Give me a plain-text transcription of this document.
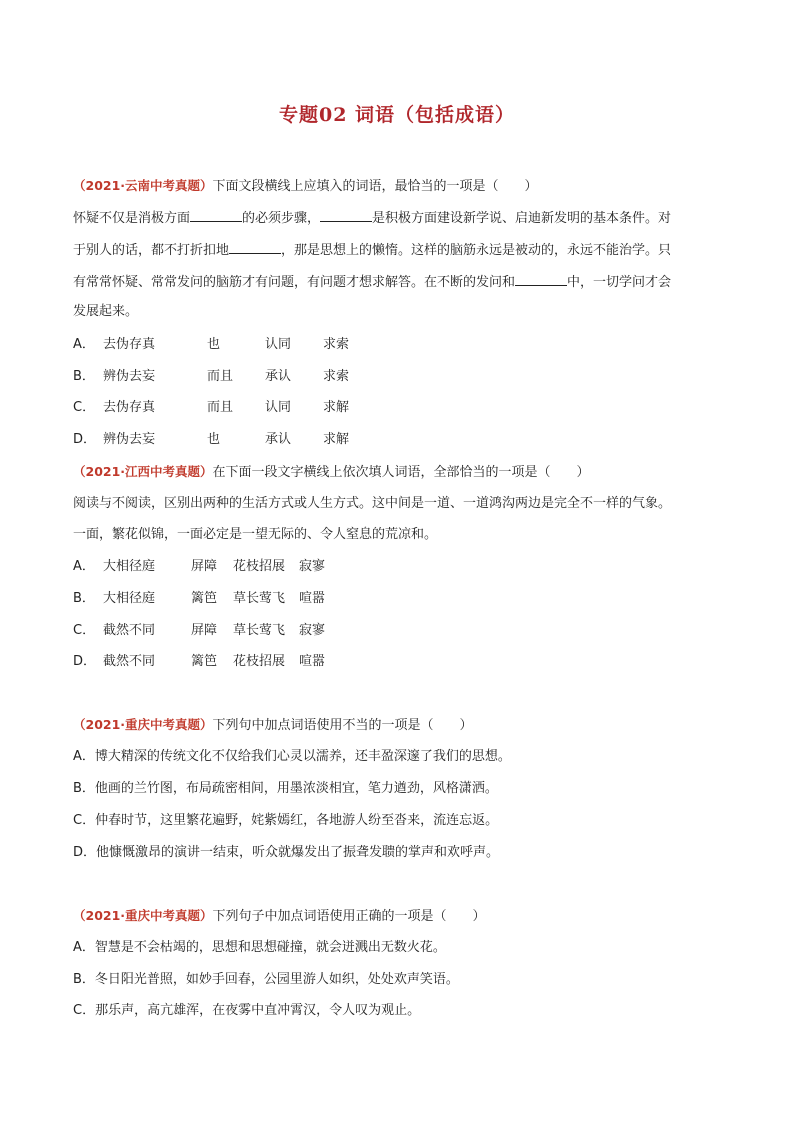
专题02 词语（包括成语）
（2021·云南中考真题）下面文段横线上应填入的词语，最恰当的一项是（　　）
怀疑不仅是消极方面	的必须步骤，	是积极方面建设新学说、启迪新发明的基本条件。对
于别人的话，都不打折扣地	，那是思想上的懒惰。这样的脑筋永远是被动的，永远不能治学。只
有常常怀疑、常常发问的脑筋才有问题，有问题才想求解答。在不断的发问和	中，一切学问才会
发展起来。
A． 去伪存真	也	认同 求索
B． 辨伪去妄	而且 承认 求索
C． 去伪存真	而且 认同 求解
D． 辨伪去妄	也	承认 求解
（2021·江西中考真题）在下面一段文字横线上依次填人词语，全部恰当的一项是（　　）
阅读与不阅读，区别出两种的生活方式或人生方式。这中间是一道、一道鸿沟两边是完全不一样的气象。
一面，繁花似锦，一面必定是一望无际的、令人窒息的荒凉和。
A． 大相径庭	屏障 花枝招展 寂寥
B． 大相径庭	篱笆 草长莺飞 喧嚣
C． 截然不同	屏障 草长莺飞 寂寥
D． 截然不同	篱笆 花枝招展 喧嚣
（2021·重庆中考真题）下列句中加点词语使用不当的一项是（　　）
A．博大精深的传统文化不仅给我们心灵以濡养，还丰盈深邃了我们的思想。
B．他画的兰竹图，布局疏密相间，用墨浓淡相宜，笔力遒劲，风格潇洒。
C．仲春时节，这里繁花遍野，姹紫嫣红，各地游人纷至沓来，流连忘返。
D．他慷慨激昂的演讲一结束，听众就爆发出了振聋发聩的掌声和欢呼声。
（2021·重庆中考真题）下列句子中加点词语使用正确的一项是（　　）
A．智慧是不会枯竭的，思想和思想碰撞，就会迸溅出无数火花。
B．冬日阳光普照，如妙手回春，公园里游人如织，处处欢声笑语。
C．那乐声，高亢雄浑，在夜雾中直冲霄汉，令人叹为观止。
